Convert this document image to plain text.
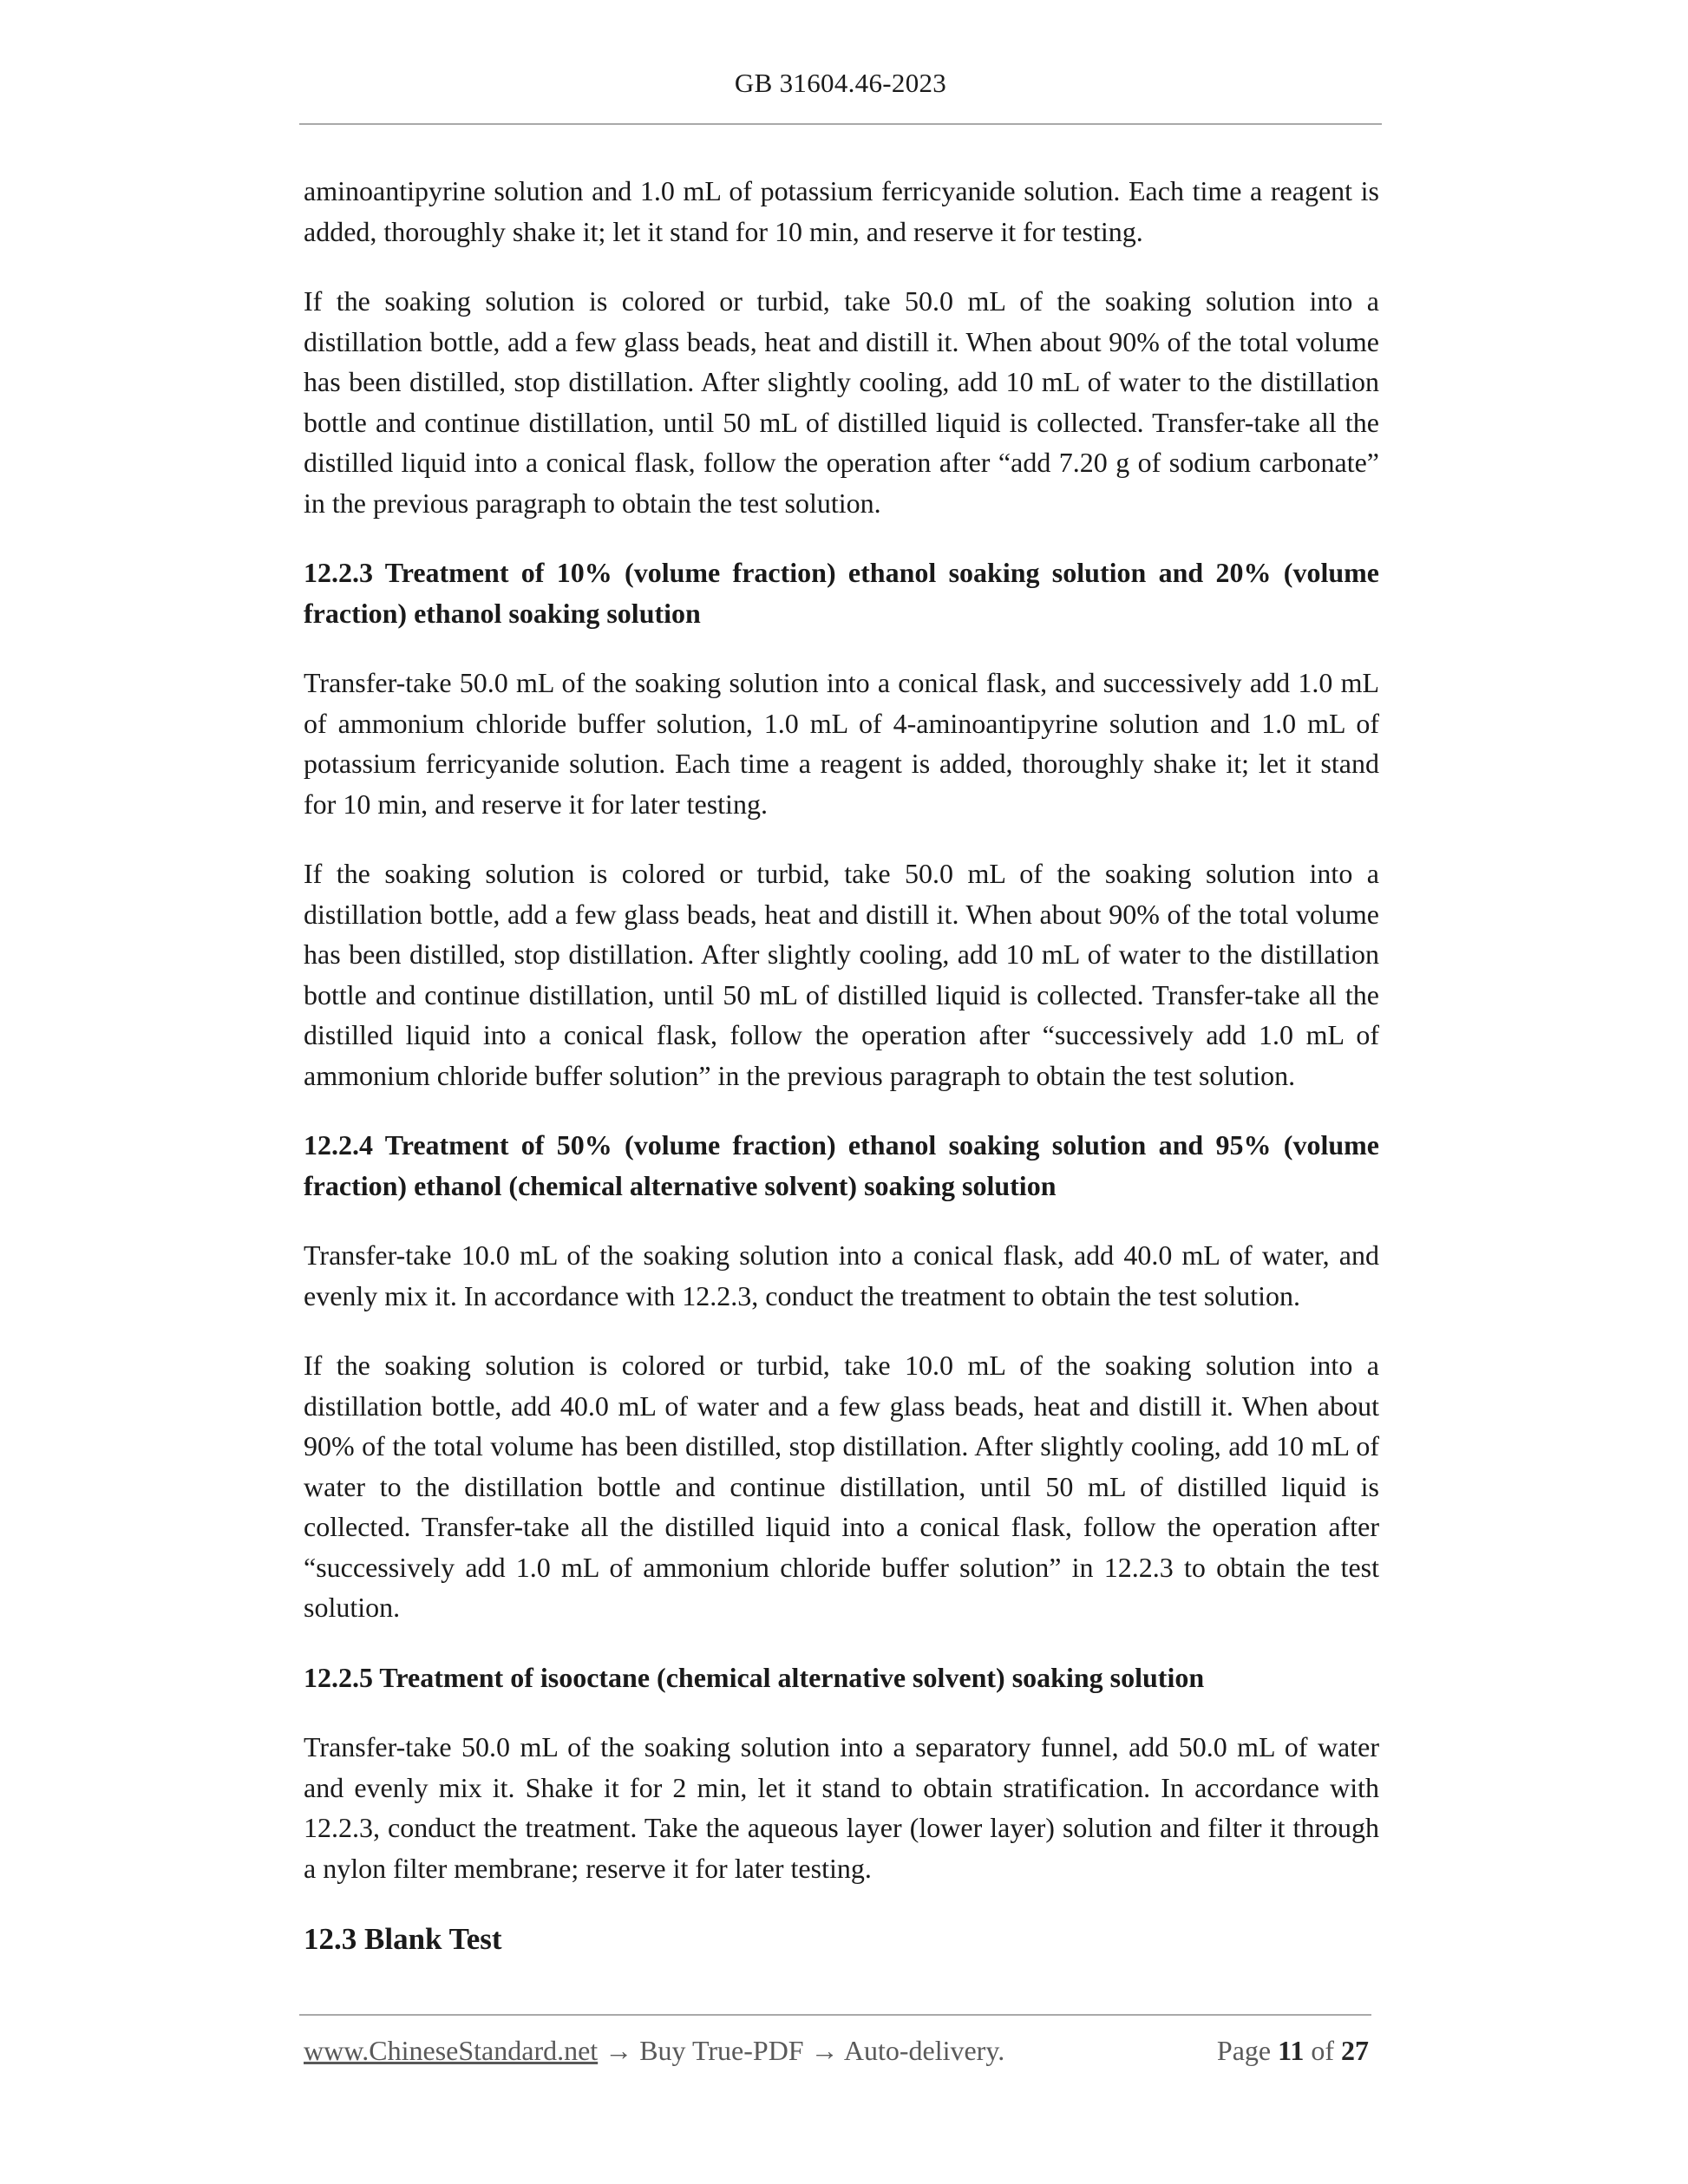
GB 31604.46-2023

aminoantipyrine solution and 1.0 mL of potassium ferricyanide solution. Each time a reagent is added, thoroughly shake it; let it stand for 10 min, and reserve it for testing.

If the soaking solution is colored or turbid, take 50.0 mL of the soaking solution into a distillation bottle, add a few glass beads, heat and distill it. When about 90% of the total volume has been distilled, stop distillation. After slightly cooling, add 10 mL of water to the distillation bottle and continue distillation, until 50 mL of distilled liquid is collected. Transfer-take all the distilled liquid into a conical flask, follow the operation after “add 7.20 g of sodium carbonate” in the previous paragraph to obtain the test solution.

12.2.3 Treatment of 10% (volume fraction) ethanol soaking solution and 20% (volume fraction) ethanol soaking solution

Transfer-take 50.0 mL of the soaking solution into a conical flask, and successively add 1.0 mL of ammonium chloride buffer solution, 1.0 mL of 4-aminoantipyrine solution and 1.0 mL of potassium ferricyanide solution. Each time a reagent is added, thoroughly shake it; let it stand for 10 min, and reserve it for later testing.

If the soaking solution is colored or turbid, take 50.0 mL of the soaking solution into a distillation bottle, add a few glass beads, heat and distill it. When about 90% of the total volume has been distilled, stop distillation. After slightly cooling, add 10 mL of water to the distillation bottle and continue distillation, until 50 mL of distilled liquid is collected. Transfer-take all the distilled liquid into a conical flask, follow the operation after “successively add 1.0 mL of ammonium chloride buffer solution” in the previous paragraph to obtain the test solution.

12.2.4 Treatment of 50% (volume fraction) ethanol soaking solution and 95% (volume fraction) ethanol (chemical alternative solvent) soaking solution

Transfer-take 10.0 mL of the soaking solution into a conical flask, add 40.0 mL of water, and evenly mix it. In accordance with 12.2.3, conduct the treatment to obtain the test solution.

If the soaking solution is colored or turbid, take 10.0 mL of the soaking solution into a distillation bottle, add 40.0 mL of water and a few glass beads, heat and distill it. When about 90% of the total volume has been distilled, stop distillation. After slightly cooling, add 10 mL of water to the distillation bottle and continue distillation, until 50 mL of distilled liquid is collected. Transfer-take all the distilled liquid into a conical flask, follow the operation after “successively add 1.0 mL of ammonium chloride buffer solution” in 12.2.3 to obtain the test solution.

12.2.5 Treatment of isooctane (chemical alternative solvent) soaking solution

Transfer-take 50.0 mL of the soaking solution into a separatory funnel, add 50.0 mL of water and evenly mix it. Shake it for 2 min, let it stand to obtain stratification. In accordance with 12.2.3, conduct the treatment. Take the aqueous layer (lower layer) solution and filter it through a nylon filter membrane; reserve it for later testing.

12.3 Blank Test

www.ChineseStandard.net → Buy True-PDF → Auto-delivery.	Page 11 of 27
